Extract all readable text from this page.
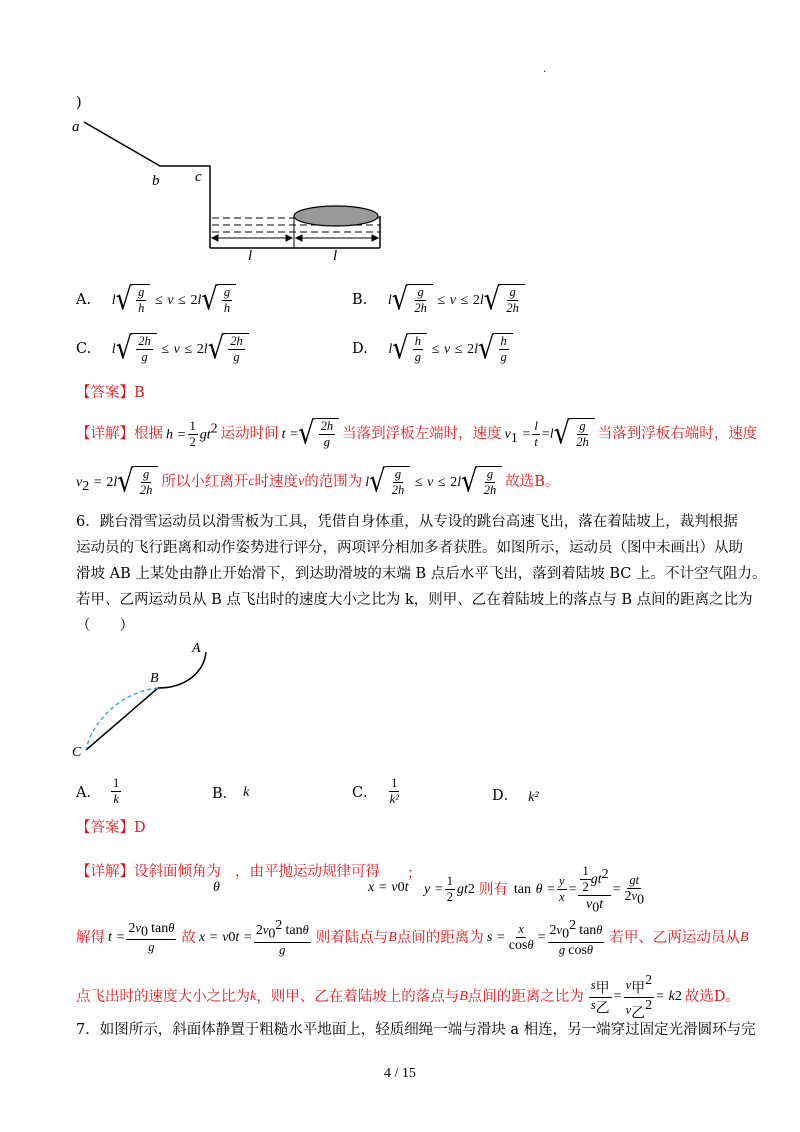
.
)
a
b c
l	l
A. l √ $\frac{g}{h} \le v \le 2l$ √ $\frac{g}{h}$	B. l √ $\frac{g}{2h} \le v \le 2l$ √ $\frac{g}{2h}$
C. l √ $\frac{2h}{g} \le v \le 2l$ √ $\frac{2h}{g}$	D. l √ $\frac{h}{g} \le v \le 2l$ √ $\frac{h}{g}$
【答案】B
【详解】 根据 $h = \frac{1}{2} gt^2$ 运动时间 t = √ $\frac{2h}{g}$ 当落到浮板左端时，速度 $v_1 = \frac{l}{t} =l$ √ $\frac{g}{2h}$ 当落到浮板右端时，速度
$v_2 = 2l$ √ $\frac{g}{2h}$ 所以小红离开 c 时速度 v 的范围为 l √ $\frac{g}{2h} \le v \le 2l$ √ $\frac{g}{2h}$ 故选B。
6．跳台滑雪运动员以滑雪板为工具，凭借自身体重，从专设的跳台高速飞出，落在着陆坡上，裁判根据
运动员的飞行距离和动作姿势进行评分，两项评分相加多者获胜。如图所示，运动员（图中未画出）从助
滑坡 AB 上某处由静止开始滑下，到达助滑坡的末端 B 点后水平飞出，落到着陆坡 BC 上。不计空气阻力。
若甲、乙两运动员从 B 点飞出时的速度大小之比为 k，则甲、乙在着陆坡上的落点与 B 点间的距离之比为
（　　）
A
B
C
A． $\frac{1}{k}$	B． k	C． $\frac{1}{\text{k²}}$	D． k²
【答案】D
【详解】设斜面倾角为 ，由平抛运动规律可得
θ	x
=
v 0 t
；
y
= $\frac{1}{2}$ gt 2 则有 tan
θ
= $\frac{y}{x} = \frac{\frac{1}{2} gt^2}{v_0t} = \frac{gt}{2v_0}$
解得 t
= $\frac{2v_0 \tan\theta}{g}$ 故 x
=
v 0 t
= $\frac{2v_0^2 \tan\theta}{g}$ 则着陆点与 B 点间的距离为 s
= $\frac{x}{\cos\theta} = \frac{2v_0^2 \tan\theta}{\text{g cosθ}}$ 若甲、乙两运动员从 B
点飞出时的速度大小之比为 k ，则甲、乙在着陆坡上的落点与 B 点间的距离之比为 $\frac{s_甲}{s_乙} = \frac{v_甲^2}{v_乙^2}$ =
k 2 故选D。
7．如图所示，斜面体静置于粗糙水平地面上，轻质细绳一端与滑块 a 相连，另一端穿过固定光滑圆环与完
4 / 15
